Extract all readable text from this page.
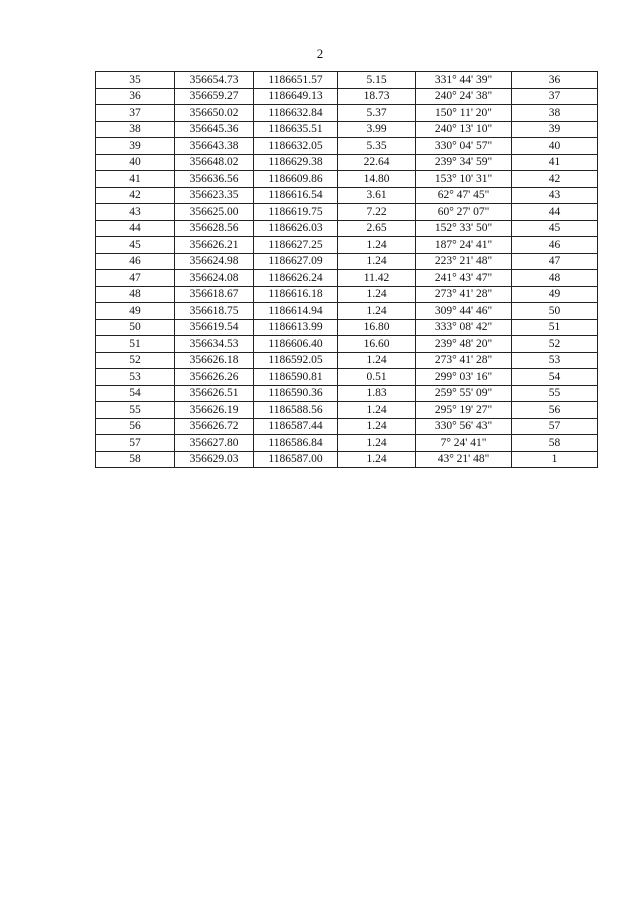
2
35	356654.73	1186651.57	5.15	331° 44' 39"	36
36	356659.27	1186649.13	18.73	240° 24' 38"	37
37	356650.02	1186632.84	5.37	150° 11' 20"	38
38	356645.36	1186635.51	3.99	240° 13' 10"	39
39	356643.38	1186632.05	5.35	330° 04' 57"	40
40	356648.02	1186629.38	22.64	239° 34' 59"	41
41	356636.56	1186609.86	14.80	153° 10' 31"	42
42	356623.35	1186616.54	3.61	62° 47' 45"	43
43	356625.00	1186619.75	7.22	60° 27' 07"	44
44	356628.56	1186626.03	2.65	152° 33' 50"	45
45	356626.21	1186627.25	1.24	187° 24' 41"	46
46	356624.98	1186627.09	1.24	223° 21' 48"	47
47	356624.08	1186626.24	11.42	241° 43' 47"	48
48	356618.67	1186616.18	1.24	273° 41' 28"	49
49	356618.75	1186614.94	1.24	309° 44' 46"	50
50	356619.54	1186613.99	16.80	333° 08' 42"	51
51	356634.53	1186606.40	16.60	239° 48' 20"	52
52	356626.18	1186592.05	1.24	273° 41' 28"	53
53	356626.26	1186590.81	0.51	299° 03' 16"	54
54	356626.51	1186590.36	1.83	259° 55' 09"	55
55	356626.19	1186588.56	1.24	295° 19' 27"	56
56	356626.72	1186587.44	1.24	330° 56' 43"	57
57	356627.80	1186586.84	1.24	7° 24' 41"	58
58	356629.03	1186587.00	1.24	43° 21' 48"	1
